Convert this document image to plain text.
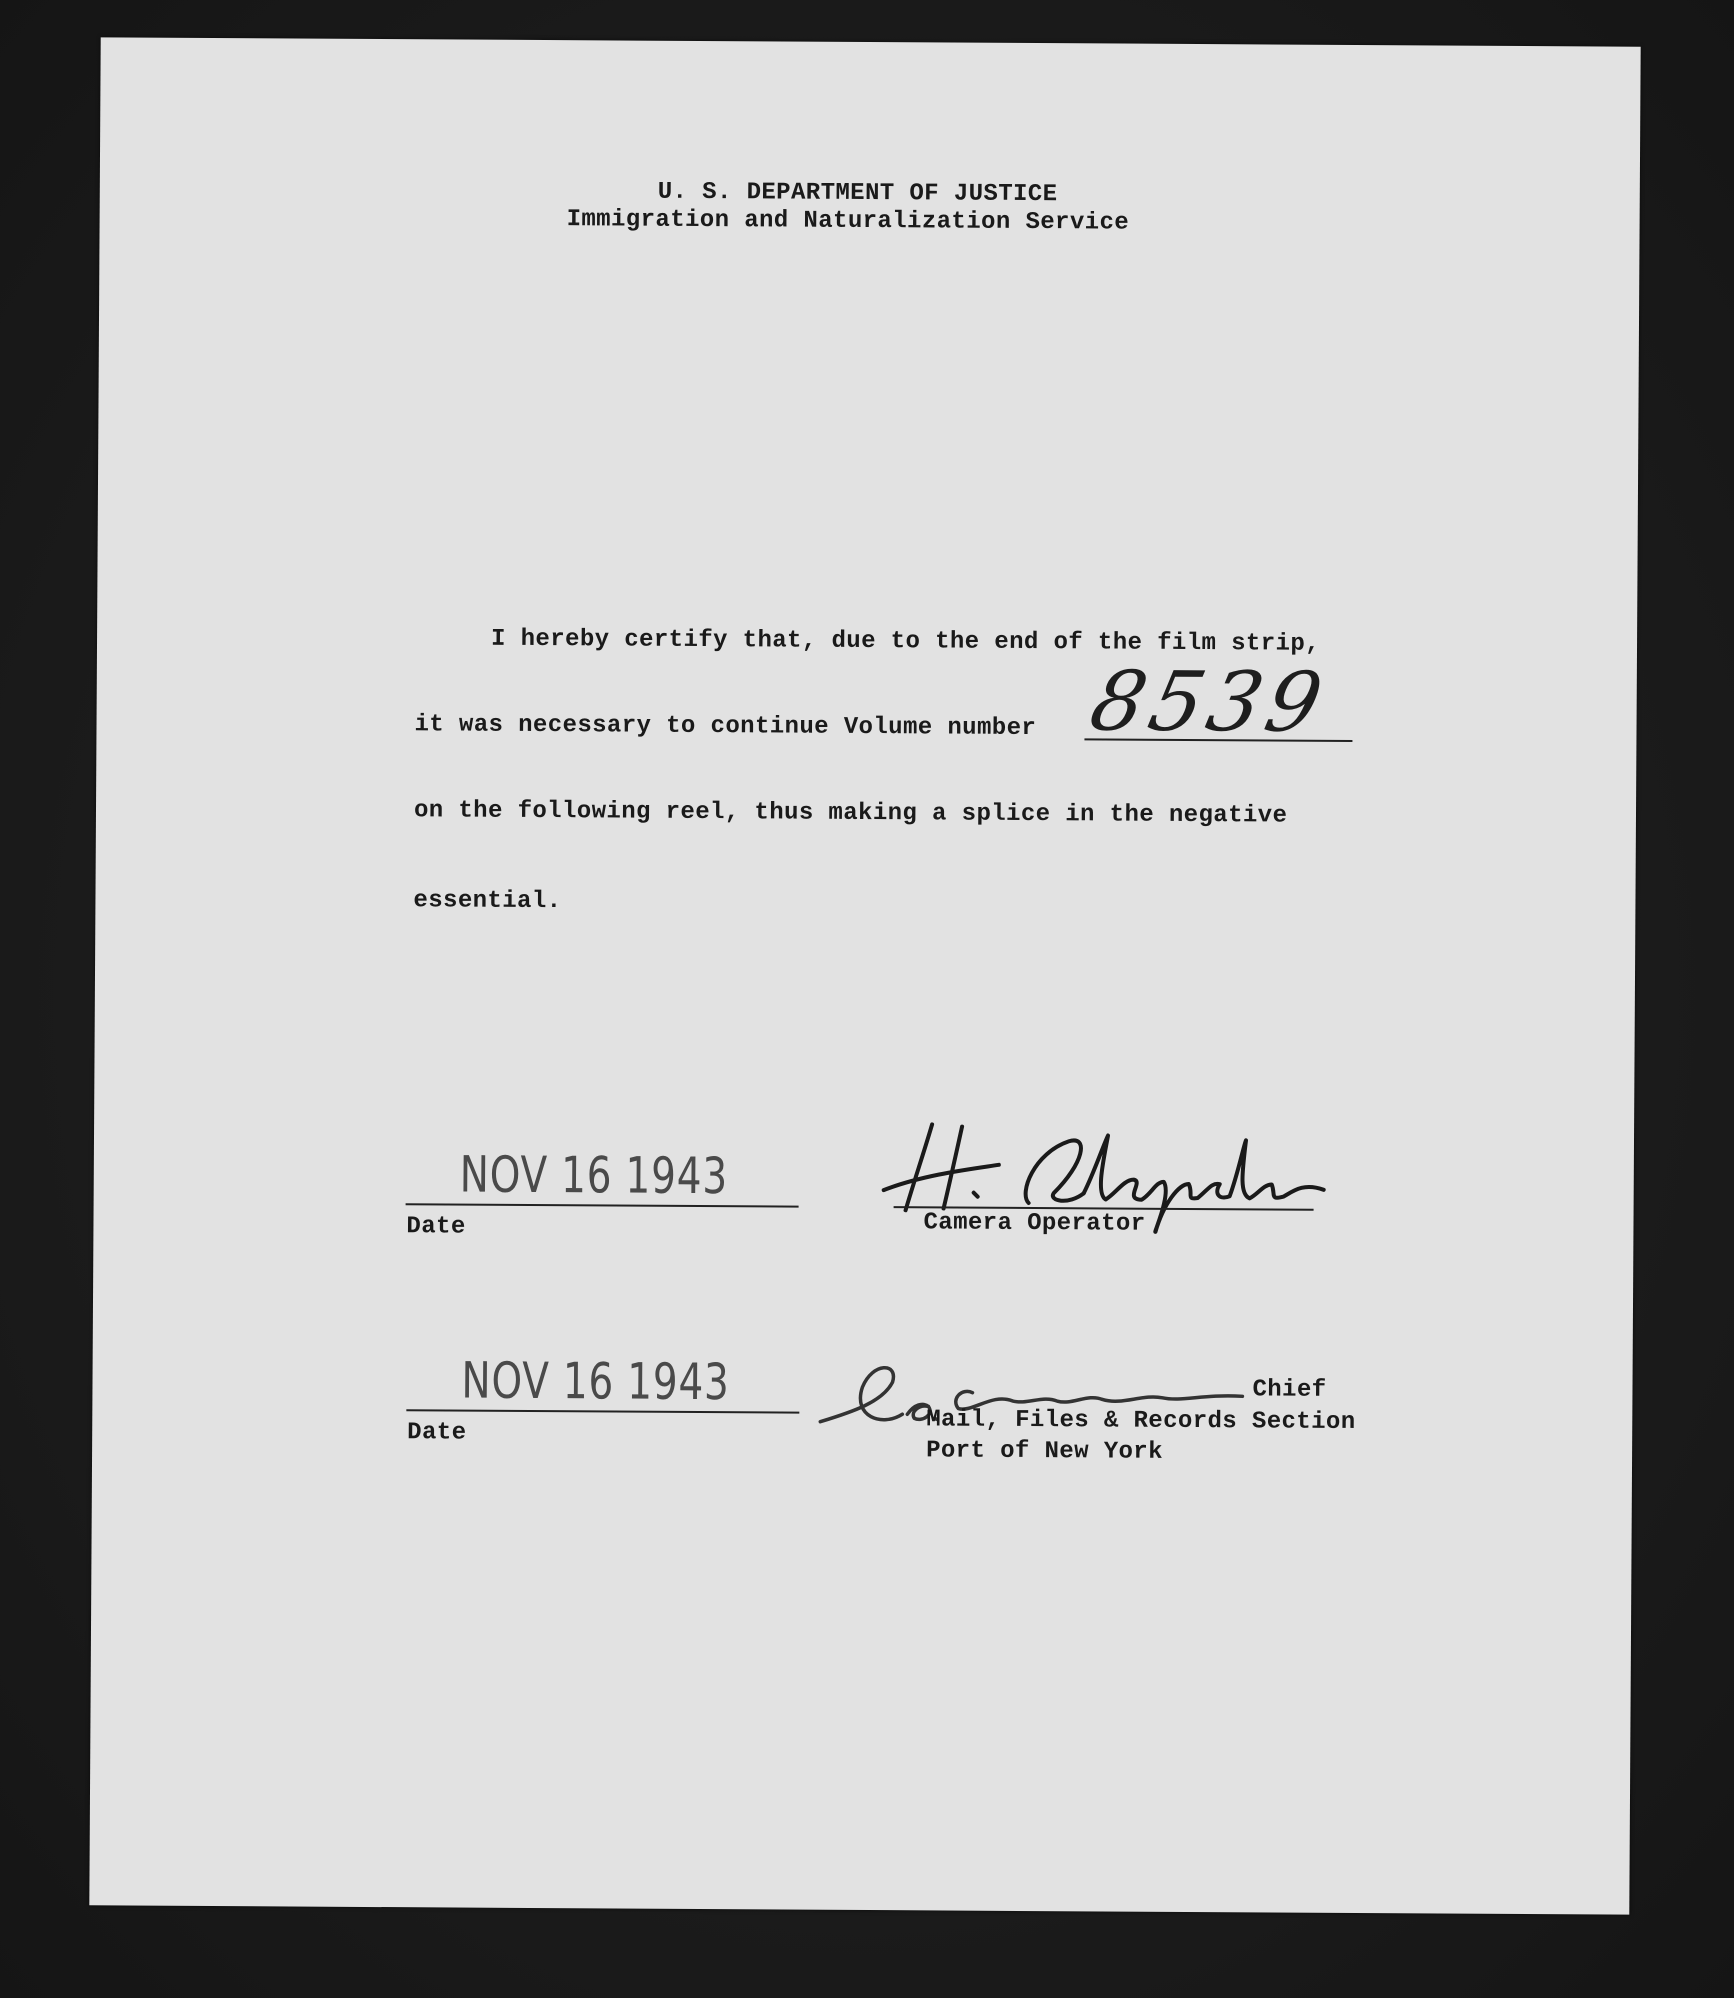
U. S. DEPARTMENT OF JUSTICE
Immigration and Naturalization Service
I hereby certify that, due to the end of the film strip,
it was necessary to continue Volume number 8539
on the following reel, thus making a splice in the negative
essential.
NOV 16 1943
Date	Camera Operator
NOV 16 1943
Date
Chief
Mail, Files & Records Section
Port of New York
